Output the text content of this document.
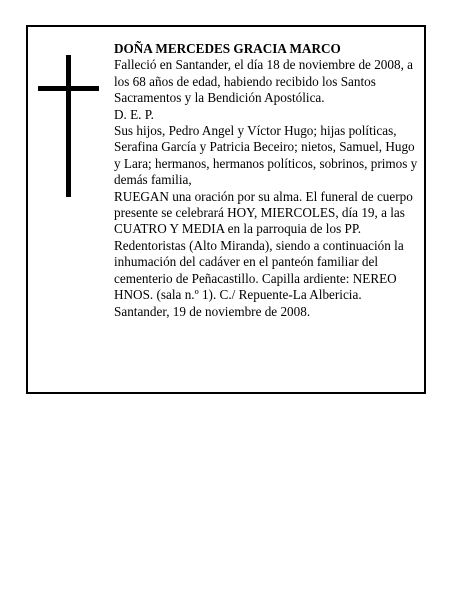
DOÑA MERCEDES GRACIA MARCO

Falleció en Santander, el día 18 de noviembre de 2008, a los 68 años de edad, habiendo recibido los Santos Sacramentos y la Bendición Apostólica.

D. E. P.

Sus hijos, Pedro Angel y Víctor Hugo; hijas políticas, Serafina García y Patricia Beceiro; nietos, Samuel, Hugo y Lara; hermanos, hermanos políticos, sobrinos, primos y demás familia,

RUEGAN una oración por su alma. El funeral de cuerpo presente se celebrará HOY, MIERCOLES, día 19, a las CUATRO Y MEDIA en la parroquia de los PP. Redentoristas (Alto Miranda), siendo a continuación la inhumación del cadáver en el panteón familiar del cementerio de Peñacastillo. Capilla ardiente: NEREO HNOS. (sala n.º 1). C./ Repuente-La Albericia.

Santander, 19 de noviembre de 2008.
